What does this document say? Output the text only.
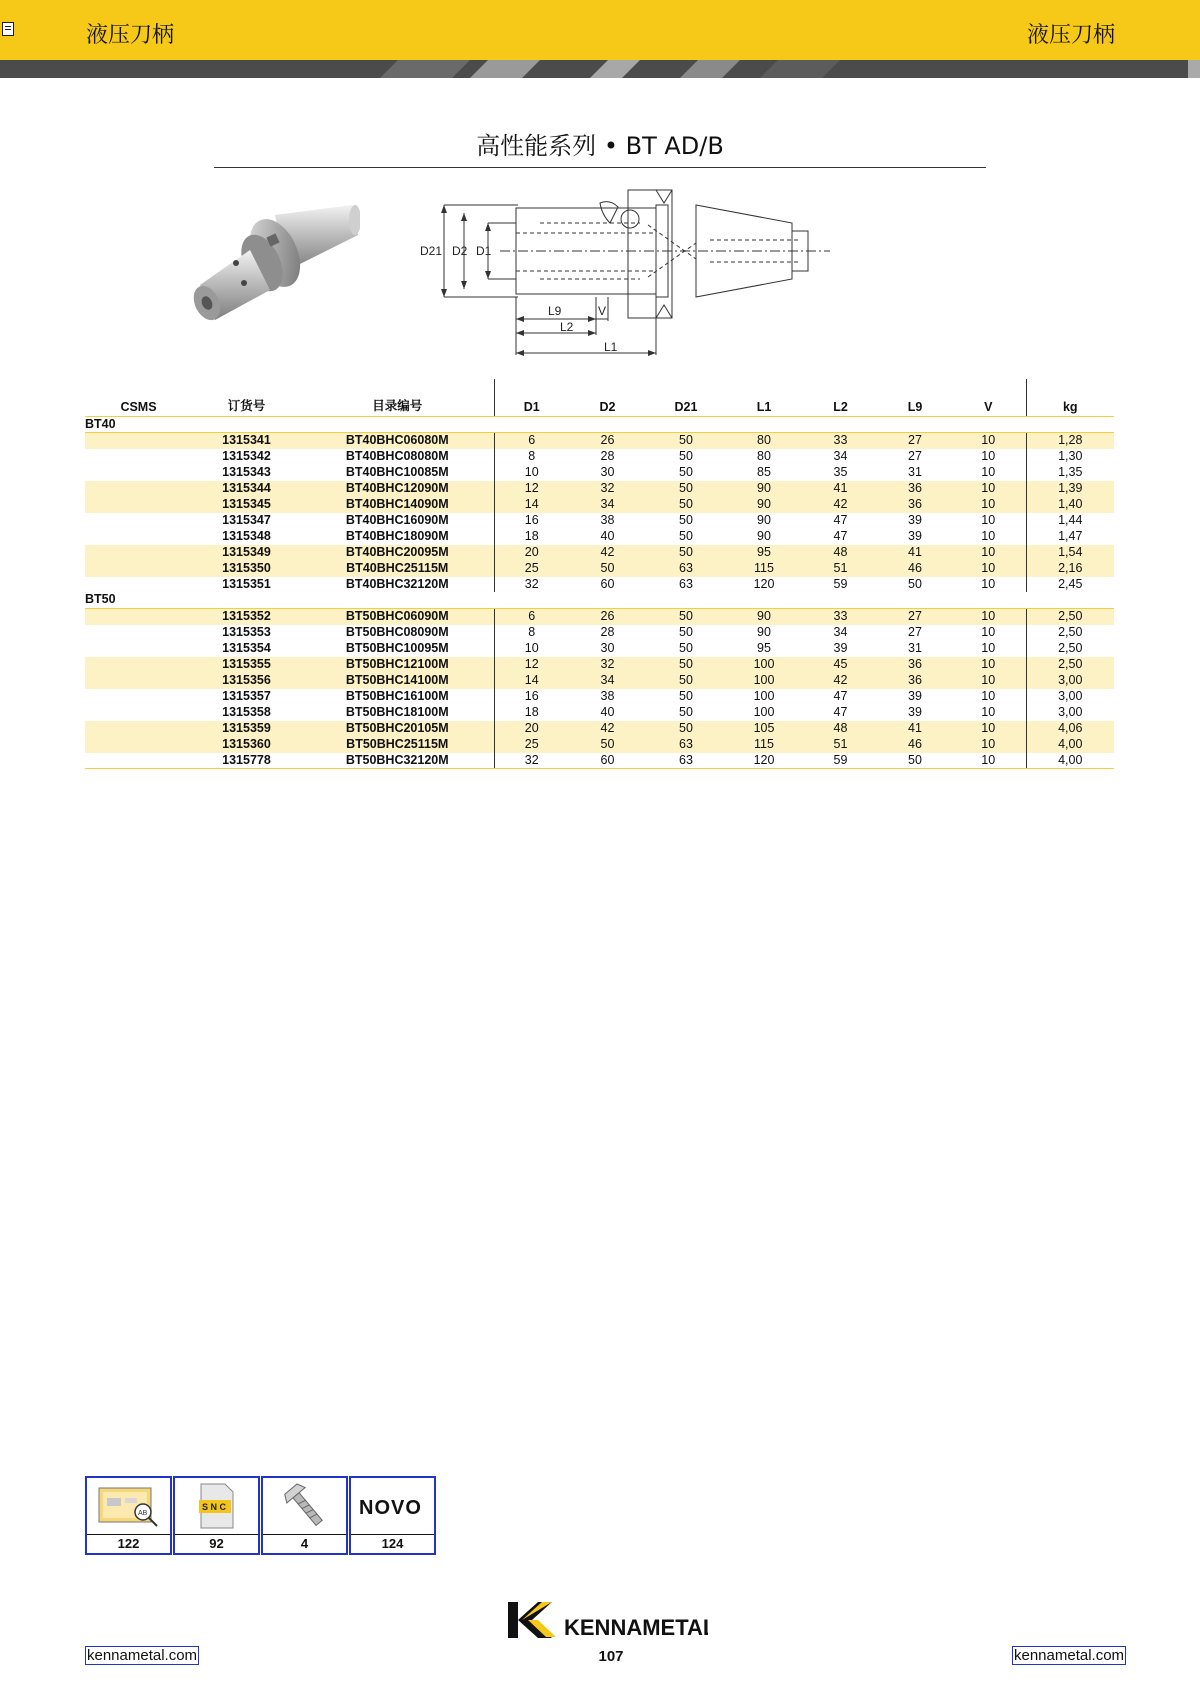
液压刀柄	液压刀柄
高性能系列 • BT AD/B
D21 D2 D1
L9	V
L2
L1
CSMS	订货号	目录编号	D1	D2	D21	L1	L2	L9	V	kg
BT40										
	1315341	BT40BHC06080M	6	26	50	80	33	27	10	1,28
	1315342	BT40BHC08080M	8	28	50	80	34	27	10	1,30
	1315343	BT40BHC10085M	10	30	50	85	35	31	10	1,35
	1315344	BT40BHC12090M	12	32	50	90	41	36	10	1,39
	1315345	BT40BHC14090M	14	34	50	90	42	36	10	1,40
	1315347	BT40BHC16090M	16	38	50	90	47	39	10	1,44
	1315348	BT40BHC18090M	18	40	50	90	47	39	10	1,47
	1315349	BT40BHC20095M	20	42	50	95	48	41	10	1,54
	1315350	BT40BHC25115M	25	50	63	115	51	46	10	2,16
	1315351	BT40BHC32120M	32	60	63	120	59	50	10	2,45
BT50										
	1315352	BT50BHC06090M	6	26	50	90	33	27	10	2,50
	1315353	BT50BHC08090M	8	28	50	90	34	27	10	2,50
	1315354	BT50BHC10095M	10	30	50	95	39	31	10	2,50
	1315355	BT50BHC12100M	12	32	50	100	45	36	10	2,50
	1315356	BT50BHC14100M	14	34	50	100	42	36	10	3,00
	1315357	BT50BHC16100M	16	38	50	100	47	39	10	3,00
	1315358	BT50BHC18100M	18	40	50	100	47	39	10	3,00
	1315359	BT50BHC20105M	20	42	50	105	48	41	10	4,06
	1315360	BT50BHC25115M	25	50	63	115	51	46	10	4,00
	1315778	BT50BHC32120M	32	60	63	120	59	50	10	4,00
AB
122
S N C
92	4
NOVO
124
KENNAMETAL
kennametal.com	107	kennametal.com
